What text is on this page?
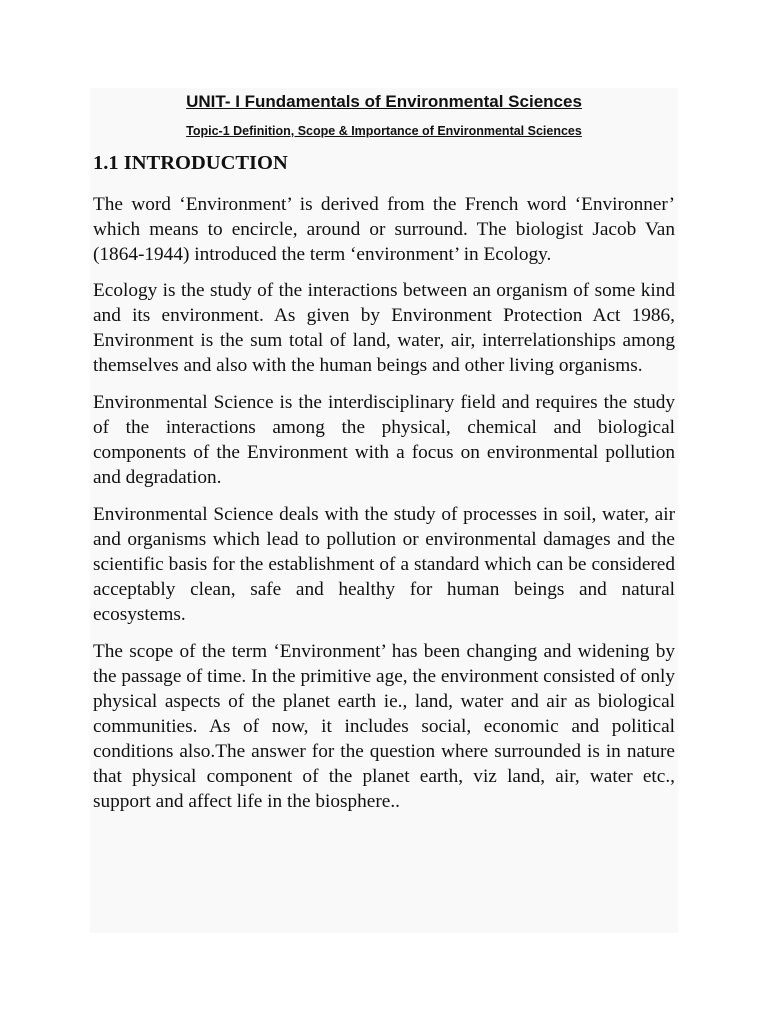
UNIT- I Fundamentals of Environmental Sciences
Topic-1 Definition, Scope & Importance of Environmental Sciences
1.1 INTRODUCTION

The word ‘Environment’ is derived from the French word ‘Environner’ which means to encircle, around or surround. The biologist Jacob Van (1864-1944) introduced the term ‘environment’ in Ecology.

Ecology is the study of the interactions between an organism of some kind and its environment. As given by Environment Protection Act 1986, Environment is the sum total of land, water, air, interrelationships among themselves and also with the human beings and other living organisms.

Environmental Science is the interdisciplinary field and requires the study of the interactions among the physical, chemical and biological components of the Environment with a focus on environmental pollution and degradation.

Environmental Science deals with the study of processes in soil, water, air and organisms which lead to pollution or environmental damages and the scientific basis for the establishment of a standard which can be considered acceptably clean, safe and healthy for human beings and natural ecosystems.

The scope of the term ‘Environment’ has been changing and widening by the passage of time. In the primitive age, the environment consisted of only physical aspects of the planet earth ie., land, water and air as biological communities. As of now, it includes social, economic and political conditions also.The answer for the question where surrounded is in nature that physical component of the planet earth, viz land, air, water etc., support and affect life in the biosphere..
